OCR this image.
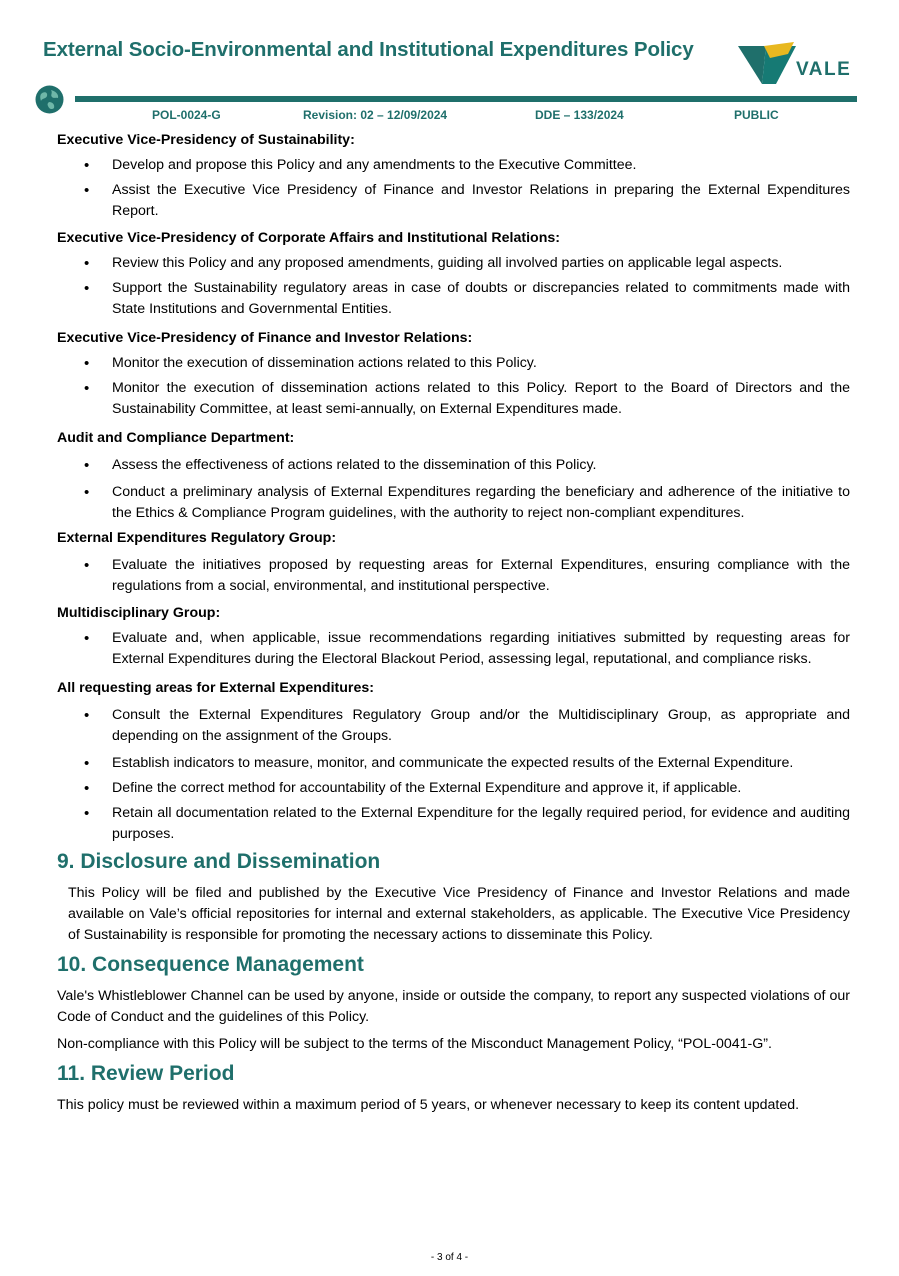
External Socio-Environmental and Institutional Expenditures Policy
VALE
POL-0024-G	Revision: 02 – 12/09/2024	DDE – 133/2024	PUBLIC
Executive Vice-Presidency of Sustainability:
• Develop and propose this Policy and any amendments to the Executive Committee.
• Assist the Executive Vice Presidency of Finance and Investor Relations in preparing the External Expenditures Report.
Executive Vice-Presidency of Corporate Affairs and Institutional Relations:
• Review this Policy and any proposed amendments, guiding all involved parties on applicable legal aspects.
• Support the Sustainability regulatory areas in case of doubts or discrepancies related to commitments made with State Institutions and Governmental Entities.
Executive Vice-Presidency of Finance and Investor Relations:
• Monitor the execution of dissemination actions related to this Policy.
• Monitor the execution of dissemination actions related to this Policy. Report to the Board of Directors and the Sustainability Committee, at least semi-annually, on External Expenditures made.
Audit and Compliance Department:
• Assess the effectiveness of actions related to the dissemination of this Policy.
• Conduct a preliminary analysis of External Expenditures regarding the beneficiary and adherence of the initiative to the Ethics & Compliance Program guidelines, with the authority to reject non-compliant expenditures.
External Expenditures Regulatory Group:
• Evaluate the initiatives proposed by requesting areas for External Expenditures, ensuring compliance with the regulations from a social, environmental, and institutional perspective.
Multidisciplinary Group:
• Evaluate and, when applicable, issue recommendations regarding initiatives submitted by requesting areas for External Expenditures during the Electoral Blackout Period, assessing legal, reputational, and compliance risks.
All requesting areas for External Expenditures:
• Consult the External Expenditures Regulatory Group and/or the Multidisciplinary Group, as appropriate and depending on the assignment of the Groups.
• Establish indicators to measure, monitor, and communicate the expected results of the External Expenditure.
• Define the correct method for accountability of the External Expenditure and approve it, if applicable.
• Retain all documentation related to the External Expenditure for the legally required period, for evidence and auditing purposes.
9. Disclosure and Dissemination

This Policy will be filed and published by the Executive Vice Presidency of Finance and Investor Relations and made available on Vale’s official repositories for internal and external stakeholders, as applicable. The Executive Vice Presidency of Sustainability is responsible for promoting the necessary actions to disseminate this Policy.

10. Consequence Management

Vale's Whistleblower Channel can be used by anyone, inside or outside the company, to report any suspected violations of our Code of Conduct and the guidelines of this Policy.

Non-compliance with this Policy will be subject to the terms of the Misconduct Management Policy, “POL-0041-G”.

11. Review Period

This policy must be reviewed within a maximum period of 5 years, or whenever necessary to keep its content updated.

- 3 of 4 -
